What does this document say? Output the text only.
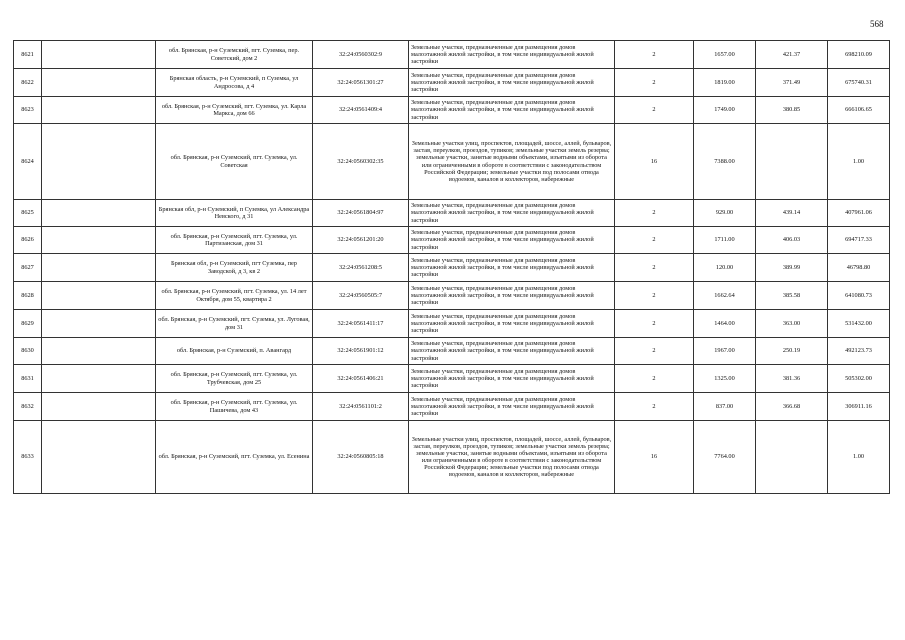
568
8621		обл. Брянская, р-н Суземский, пгт. Суземка, пер. Советский, дом 2	32:24:0560302:9	Земельные участки, предназначенные для размещения домов малоэтажной жилой застройки, в том числе индивидуальной жилой застройки	2	1657.00	421.37	698210.09
8622		Брянская область, р-н Суземский, п Суземка, ул Андросова, д 4	32:24:0561301:27	Земельные участки, предназначенные для размещения домов малоэтажной жилой застройки, в том числе индивидуальной жилой застройки	2	1819.00	371.49	675740.31
8623		обл. Брянская, р-н Суземский, пгт. Суземка, ул. Карла Маркса, дом 66	32:24:0561409:4	Земельные участки, предназначенные для размещения домов малоэтажной жилой застройки, в том числе индивидуальной жилой застройки	2	1749.00	380.85	666106.65
8624		обл. Брянская, р-н Суземский, пгт. Суземка, ул. Советская	32:24:0560302:35	Земельные участки улиц, проспектов, площадей, шоссе, аллей, бульваров, застав, переулков, проездов, тупиков; земельные участки земель резерва; земельные участки, занятые водными объектами, изъятыми из оборота или ограниченными в обороте в соответствии с законодательством Российской Федерации; земельные участки под полосами отвода водоемов, каналов и коллекторов, набережные	16	7388.00		1.00
8625		Брянская обл, р-н Суземский, п Суземка, ул Александра Невского, д 31	32:24:0561804:97	Земельные участки, предназначенные для размещения домов малоэтажной жилой застройки, в том числе индивидуальной жилой застройки	2	929.00	439.14	407961.06
8626		обл. Брянская, р-н Суземский, пгт. Суземка, ул. Партизанская, дом 31	32:24:0561201:20	Земельные участки, предназначенные для размещения домов малоэтажной жилой застройки, в том числе индивидуальной жилой застройки	2	1711.00	406.03	694717.33
8627		Брянская обл, р-н Суземский, пгт Суземка, пер Заводской, д 3, кв 2	32:24:0561208:5	Земельные участки, предназначенные для размещения домов малоэтажной жилой застройки, в том числе индивидуальной жилой застройки	2	120.00	389.99	46798.80
8628		обл. Брянская, р-н Суземский, пгт. Суземка, ул. 14 лет Октября, дом 55, квартира 2	32:24:0560505:7	Земельные участки, предназначенные для размещения домов малоэтажной жилой застройки, в том числе индивидуальной жилой застройки	2	1662.64	385.58	641080.73
8629		обл. Брянская, р-н Суземский, пгт. Суземка, ул. Луговая, дом 31	32:24:0561411:17	Земельные участки, предназначенные для размещения домов малоэтажной жилой застройки, в том числе индивидуальной жилой застройки	2	1464.00	363.00	531432.00
8630		обл. Брянская, р-н Суземский, п. Авангард	32:24:0561901:12	Земельные участки, предназначенные для размещения домов малоэтажной жилой застройки, в том числе индивидуальной жилой застройки	2	1967.00	250.19	492123.73
8631		обл. Брянская, р-н Суземский, пгт. Суземка, ул. Трубчевская, дом 25	32:24:0561406:21	Земельные участки, предназначенные для размещения домов малоэтажной жилой застройки, в том числе индивидуальной жилой застройки	2	1325.00	381.36	505302.00
8632		обл. Брянская, р-н Суземский, пгт. Суземка, ул. Пашичева, дом 43	32:24:0561101:2	Земельные участки, предназначенные для размещения домов малоэтажной жилой застройки, в том числе индивидуальной жилой застройки	2	837.00	366.68	306911.16
8633		обл. Брянская, р-н Суземский, пгт. Суземка, ул. Есенина	32:24:0560805:18	Земельные участки улиц, проспектов, площадей, шоссе, аллей, бульваров, застав, переулков, проездов, тупиков; земельные участки земель резерва; земельные участки, занятые водными объектами, изъятыми из оборота или ограниченными в обороте в соответствии с законодательством Российской Федерации; земельные участки под полосами отвода водоемов, каналов и коллекторов, набережные	16	7764.00		1.00
